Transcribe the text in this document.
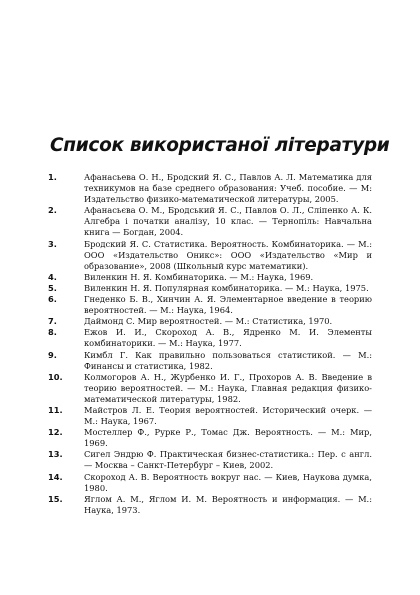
Список використаної літератури
1.	Афанасьева О. Н., Бродский Я. С., Павлов А. Л. Математика для техникумов на базе среднего образования: Учеб. пособие. — М: Издательство физико-математической литературы, 2005.
2.	Афанасьєва О. М., Бродський Я. С., Павлов О. Л., Сліпенко А. К. Алгебра і початки аналізу, 10 клас. — Тернопіль: Навчальна книга — Богдан, 2004.
3.	Бродский Я. С. Статистика. Вероятность. Комбинаторика. — М.: ООО «Издательство Оникс»: ООО «Издательство «Мир и образование», 2008 (Школьный курс математики).
4.	Виленкин Н. Я. Комбинаторика. — М.: Наука, 1969.
5.	Виленкин Н. Я. Популярная комбинаторика. — М.: Наука, 1975.
6.	Гнеденко Б. В., Хинчин А. Я. Элементарное введение в теорию вероятностей. — М.: Наука, 1964.
7.	Даймонд С. Мир вероятностей. — М.: Статистика, 1970.
8.	Ежов И. И., Скороход А. В., Ядренко М. И. Элементы комбинаторики. — М.: Наука, 1977.
9.	Кимбл Г. Как правильно пользоваться статистикой. — М.: Финансы и статистика, 1982.
10.	Колмогоров А. Н., Журбенко И. Г., Прохоров А. В. Введение в теорию вероятностей. — М.: Наука, Главная редакция физико-математической литературы, 1982.
11.	Майстров Л. Е. Теория вероятностей. Исторический очерк. — М.: Наука, 1967.
12.	Мостеллер Ф., Рурке Р., Томас Дж. Вероятность. — М.: Мир, 1969.
13.	Сигел Эндрю Ф. Практическая бизнес-статистика.: Пер. с англ. — Москва – Санкт-Петербург – Киев, 2002.
14.	Скороход А. В. Вероятность вокруг нас. — Киев, Наукова думка, 1980.
15.	Яглом А. М., Яглом И. М. Вероятность и информация. — М.: Наука, 1973.
